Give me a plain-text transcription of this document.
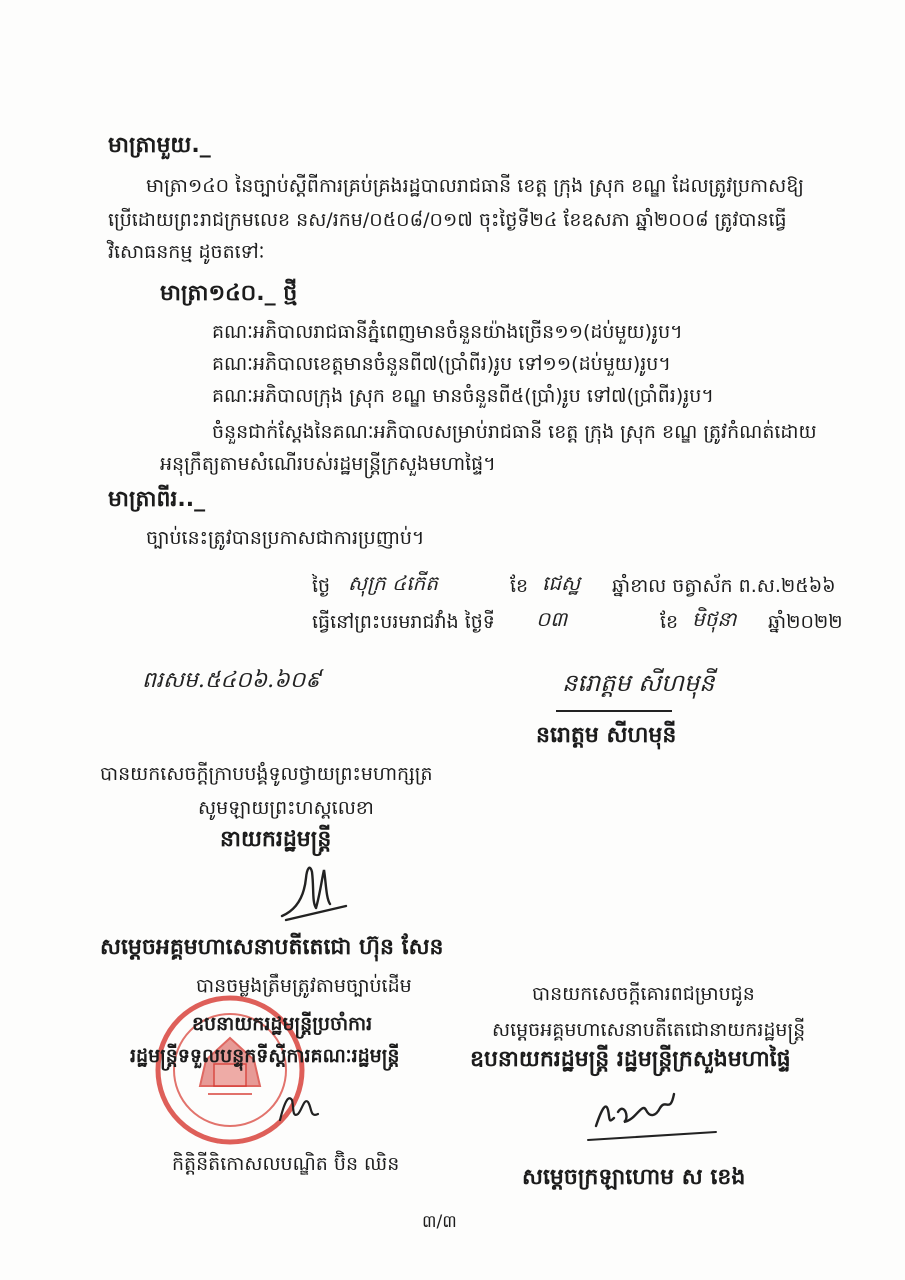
មាត្រាមួយ._
មាត្រា១៤០ នៃច្បាប់ស្តីពីការគ្រប់គ្រងរដ្ឋបាលរាជធានី ខេត្ត ក្រុង ស្រុក ខណ្ឌ ដែលត្រូវប្រកាសឱ្យ
ប្រើដោយព្រះរាជក្រមលេខ នស/រកម/០៥០៨/០១៧ ចុះថ្ងៃទី២៤ ខែឧសភា ឆ្នាំ២០០៨ ត្រូវបានធ្វើ
វិសោធនកម្ម ដូចតទៅៈ
មាត្រា១៤០._ ថ្មី
គណៈអភិបាលរាជធានីភ្នំពេញមានចំនួនយ៉ាងច្រើន១១(ដប់មួយ)រូប។
គណៈអភិបាលខេត្តមានចំនួនពី៧(ប្រាំពីរ)រូប ទៅ១១(ដប់មួយ)រូប។
គណៈអភិបាលក្រុង ស្រុក ខណ្ឌ មានចំនួនពី៥(ប្រាំ)រូប ទៅ៧(ប្រាំពីរ)រូប។
ចំនួនជាក់ស្តែងនៃគណៈអភិបាលសម្រាប់រាជធានី ខេត្ត ក្រុង ស្រុក ខណ្ឌ ត្រូវកំណត់ដោយ
អនុក្រឹត្យតាមសំណើរបស់រដ្ឋមន្ត្រីក្រសួងមហាផ្ទៃ។
មាត្រាពីរ.._
ច្បាប់នេះត្រូវបានប្រកាសជាការប្រញាប់។
ថ្ងៃ សុក្រ ៤កើត	ខែ ជេស្ឋ ឆ្នាំខាល ចត្វាស័ក ព.ស.២៥៦៦
ធ្វើនៅព្រះបរមរាជវាំង ថ្ងៃទី ០៣	ខែ មិថុនា ឆ្នាំ២០២២
ពរសម.៥៤០៦.៦០៩	នរោត្តម សីហមុនី
នរោត្តម សីហមុនី
បានយកសេចក្តីក្រាបបង្គំទូលថ្វាយព្រះមហាក្សត្រ
សូមឡាយព្រះហស្តលេខា
នាយករដ្ឋមន្ត្រី
សម្តេចអគ្គមហាសេនាបតីតេជោ ហ៊ុន សែន
បានចម្លងត្រឹមត្រូវតាមច្បាប់ដើម
ឧបនាយករដ្ឋមន្ត្រីប្រចាំការ
រដ្ឋមន្ត្រីទទួលបន្ទុកទីស្តីការគណៈរដ្ឋមន្ត្រី
កិត្តិនីតិកោសលបណ្ឌិត ប៊ិន ឈិន
បានយកសេចក្តីគោរពជម្រាបជូន
សម្តេចអគ្គមហាសេនាបតីតេជោនាយករដ្ឋមន្ត្រី
ឧបនាយករដ្ឋមន្ត្រី រដ្ឋមន្ត្រីក្រសួងមហាផ្ទៃ
សម្តេចក្រឡាហោម ស ខេង
៣/៣
